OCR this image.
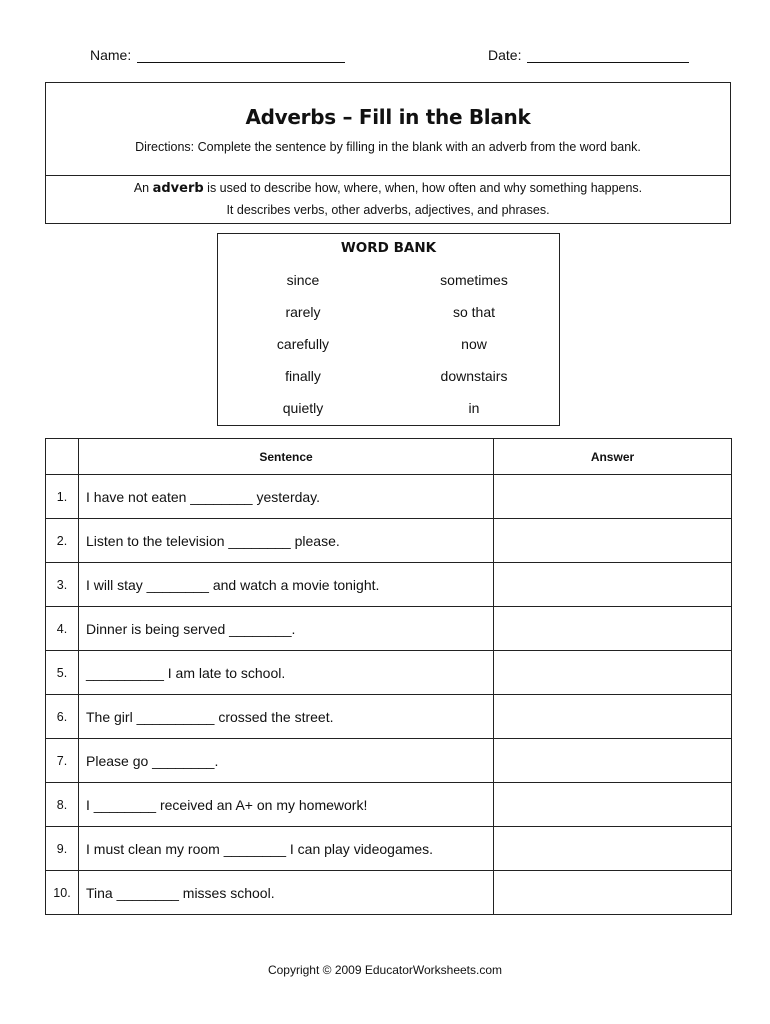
Name:	Date:
Adverbs – Fill in the Blank
Directions: Complete the sentence by filling in the blank with an adverb from the word bank.
An adverb is used to describe how, where, when, how often and why something happens.
It describes verbs, other adverbs, adjectives, and phrases.
WORD BANK
since	sometimes
rarely	so that
carefully	now
finally	downstairs
quietly	in
	Sentence	Answer
1.	I have not eaten ________ yesterday.	
2.	Listen to the television ________ please.	
3.	I will stay ________ and watch a movie tonight.	
4.	Dinner is being served ________.	
5.	__________ I am late to school.	
6.	The girl __________ crossed the street.	
7.	Please go ________.	
8.	I ________ received an A+ on my homework!	
9.	I must clean my room ________ I can play videogames.	
10.	Tina ________ misses school.	
Copyright © 2009 EducatorWorksheets.com
